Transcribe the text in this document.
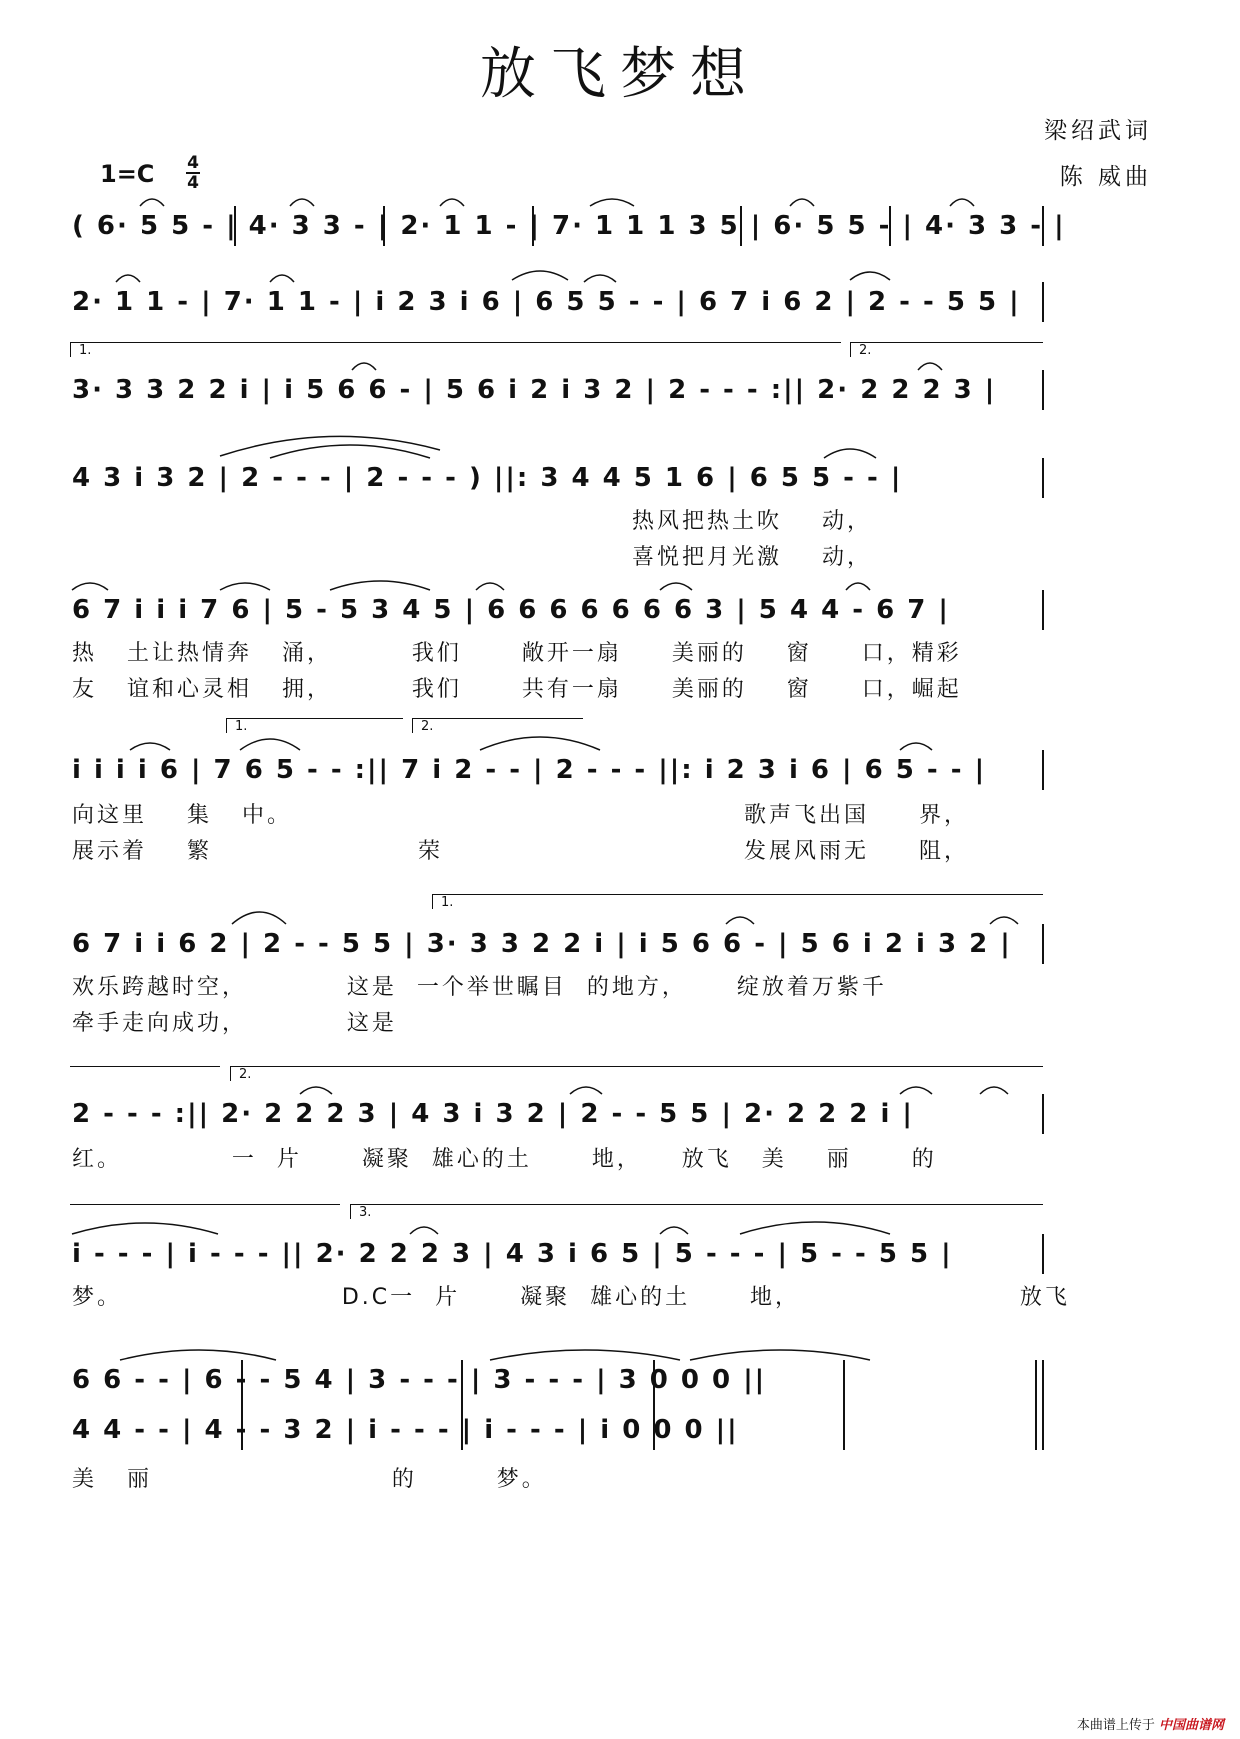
放飞梦想
梁绍武词
陈 威曲
1=C 4
4
( 6· 5 5 - | 4· 3 3 - | 2· 1 1 - | 7· 1 1 1 3 5 | 6· 5 5 - | 4· 3 3 - |
2· 1 1 - | 7· 1 1 - | i 2 3 i 6 | 6 5 5 - - | 6 7 i 6 2 | 2 - - 5 5 |
1.	2.
3· 3 3 2 2 i | i 5 6 6 - | 5 6 i 2 i 3 2 | 2 - - - :|| 2· 2 2 2 3 |
4 3 i 3 2 | 2 - - - | 2 - - - ) ||: 3 4 4 5 1 6 | 6 5 5 - - |
热风把热土吹    动，
喜悦把月光激    动，
6 7 i i i 7 6 | 5 - 5 3 4 5 | 6 6 6 6 6 6 6 3 | 5 4 4 - 6 7 |
热   土让热情奔   涌，        我们      敞开一扇     美丽的    窗     口，精彩
友   谊和心灵相   拥，        我们      共有一扇     美丽的    窗     口，崛起
1.	2.
i i i i 6 | 7 6 5 - - :|| 7 i 2 - - | 2 - - - ||: i 2 3 i 6 | 6 5 - - |
向这里    集   中。
展示着    繁	荣
歌声飞出国     界，
发展风雨无     阻，
1.
6 7 i i 6 2 | 2 - - 5 5 | 3· 3 3 2 2 i | i 5 6 6 - | 5 6 i 2 i 3 2 |
欢乐跨越时空，          这是  一个举世瞩目  的地方，     绽放着万紫千
牵手走向成功，          这是
2.
2 - - - :|| 2· 2 2 2 3 | 4 3 i 3 2 | 2 - - 5 5 | 2· 2 2 2 i |
红。           一  片      凝聚  雄心的土      地，    放飞   美    丽      的
3.
i - - - | i - - - || 2· 2 2 2 3 | 4 3 i 6 5 | 5 - - - | 5 - - 5 5 |
梦。                      D.C一  片      凝聚  雄心的土      地，                      放飞
6 6 - - | 6 - - 5 4 | 3 - - - | 3 - - - | 3 0 0 0 ||
4 4 - - | 4 - - 3 2 | i - - - | i - - - | i 0 0 0 ||
美   丽                        的        梦。
本曲谱上传于 中国曲谱网
